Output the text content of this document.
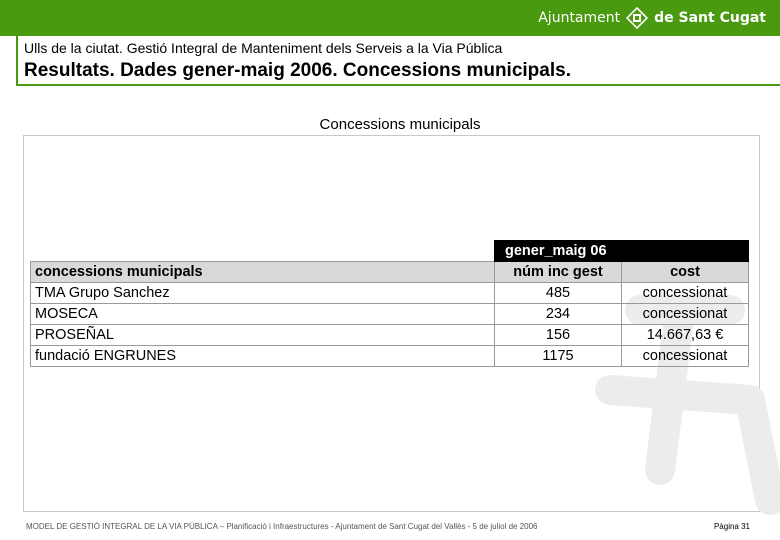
Ajuntament de Sant Cugat
Ulls de la ciutat. Gestió Integral de Manteniment dels Serveis a la Via Pública
Resultats. Dades gener-maig 2006. Concessions municipals.
Concessions municipals
	gener_maig 06	
concessions municipals	núm inc gest	cost
TMA Grupo Sanchez	485	concessionat
MOSECA	234	concessionat
PROSEÑAL	156	14.667,63 €
fundació ENGRUNES	1175	concessionat
MODEL DE GESTIÓ INTEGRAL DE LA VIA PÚBLICA – Planificació i Infraestructures - Ajuntament de Sant Cugat del Vallès - 5 de juliol de 2006	Pàgina 31
